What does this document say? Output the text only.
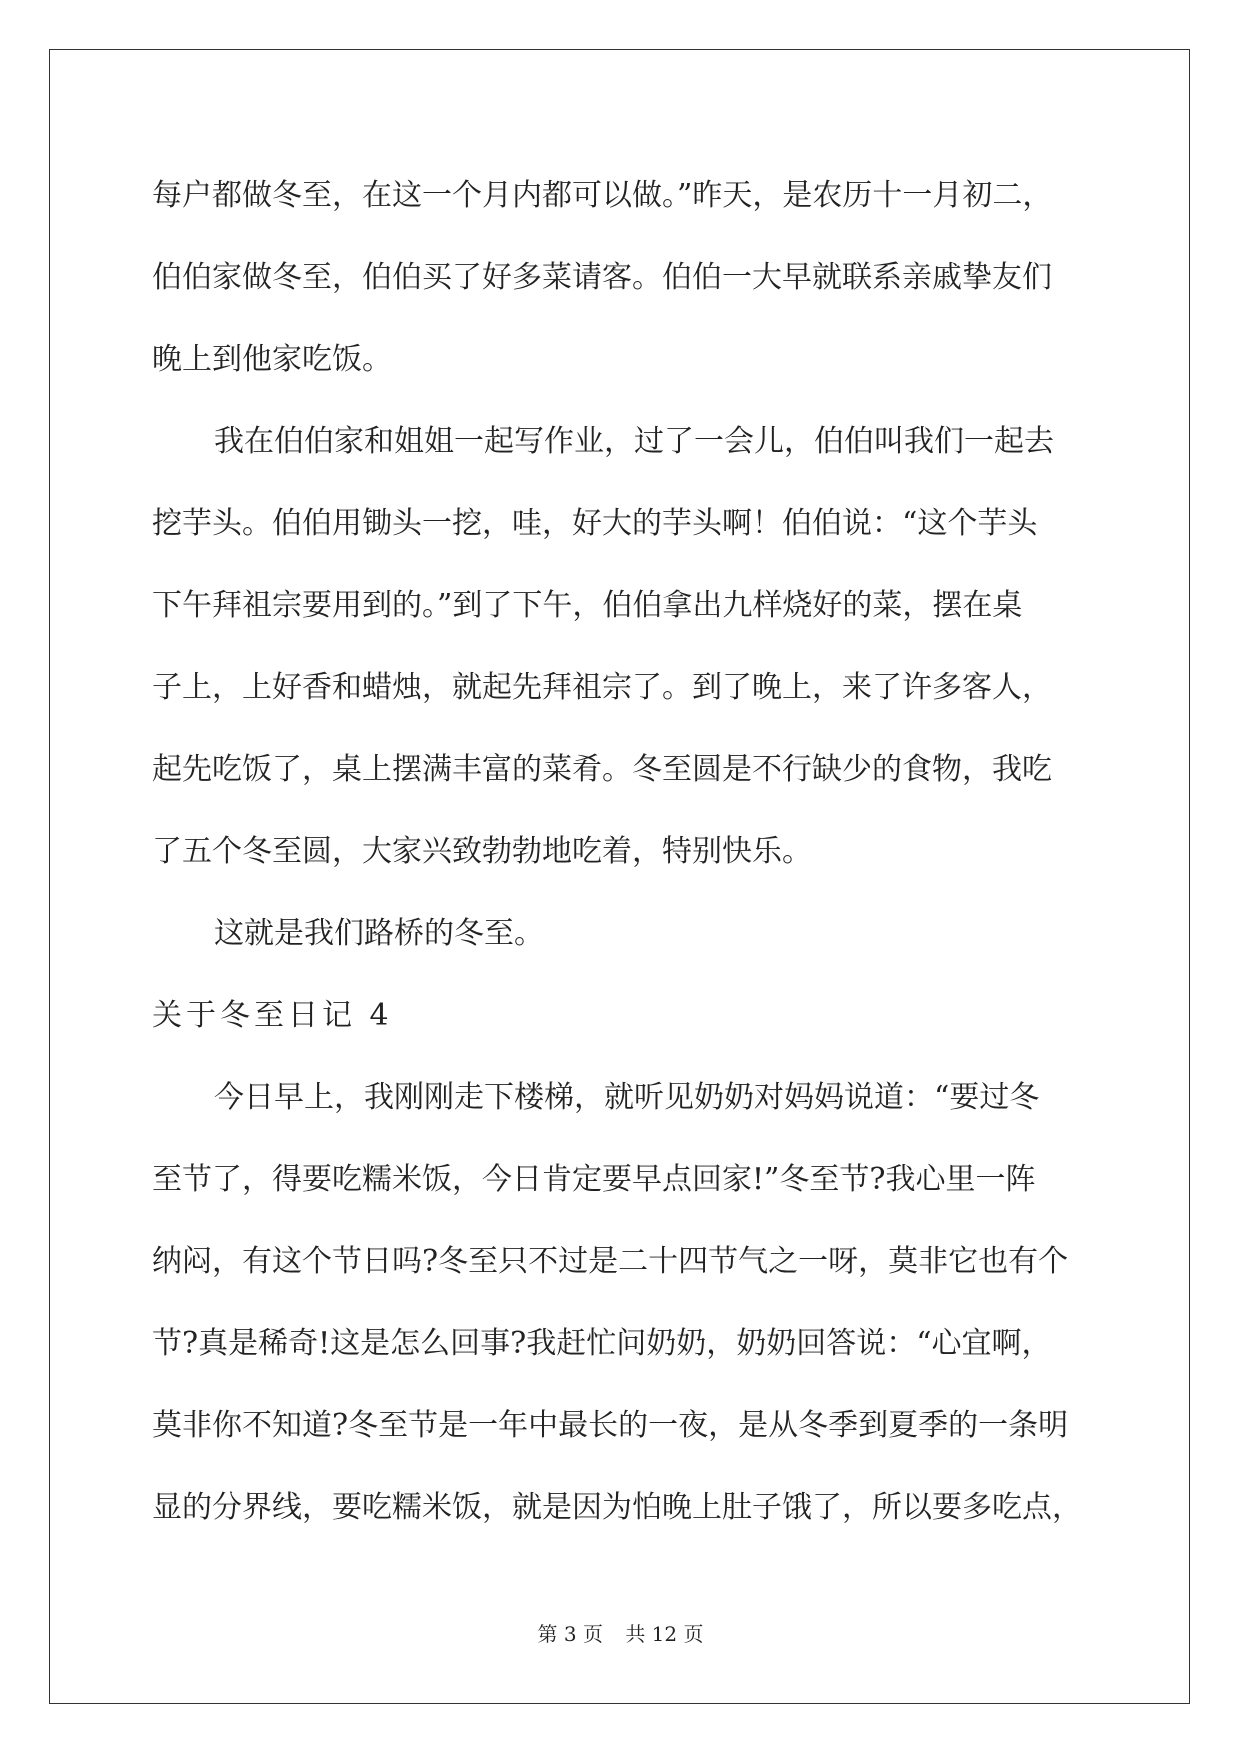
每户都做冬至，在这一个月内都可以做。”昨天，是农历十一月初二，
伯伯家做冬至，伯伯买了好多菜请客。伯伯一大早就联系亲戚挚友们
晚上到他家吃饭。
我在伯伯家和姐姐一起写作业，过了一会儿，伯伯叫我们一起去
挖芋头。伯伯用锄头一挖，哇，好大的芋头啊！伯伯说：“这个芋头
下午拜祖宗要用到的。”到了下午，伯伯拿出九样烧好的菜，摆在桌
子上，上好香和蜡烛，就起先拜祖宗了。到了晚上，来了许多客人，
起先吃饭了，桌上摆满丰富的菜肴。冬至圆是不行缺少的食物，我吃
了五个冬至圆，大家兴致勃勃地吃着，特别快乐。
这就是我们路桥的冬至。
关于冬至日记 4
今日早上，我刚刚走下楼梯，就听见奶奶对妈妈说道：“要过冬
至节了，得要吃糯米饭，今日肯定要早点回家!”冬至节?我心里一阵
纳闷，有这个节日吗?冬至只不过是二十四节气之一呀，莫非它也有个
节?真是稀奇!这是怎么回事?我赶忙问奶奶，奶奶回答说：“心宜啊，
莫非你不知道?冬至节是一年中最长的一夜，是从冬季到夏季的一条明
显的分界线，要吃糯米饭，就是因为怕晚上肚子饿了，所以要多吃点，
第 3 页 共 12 页
